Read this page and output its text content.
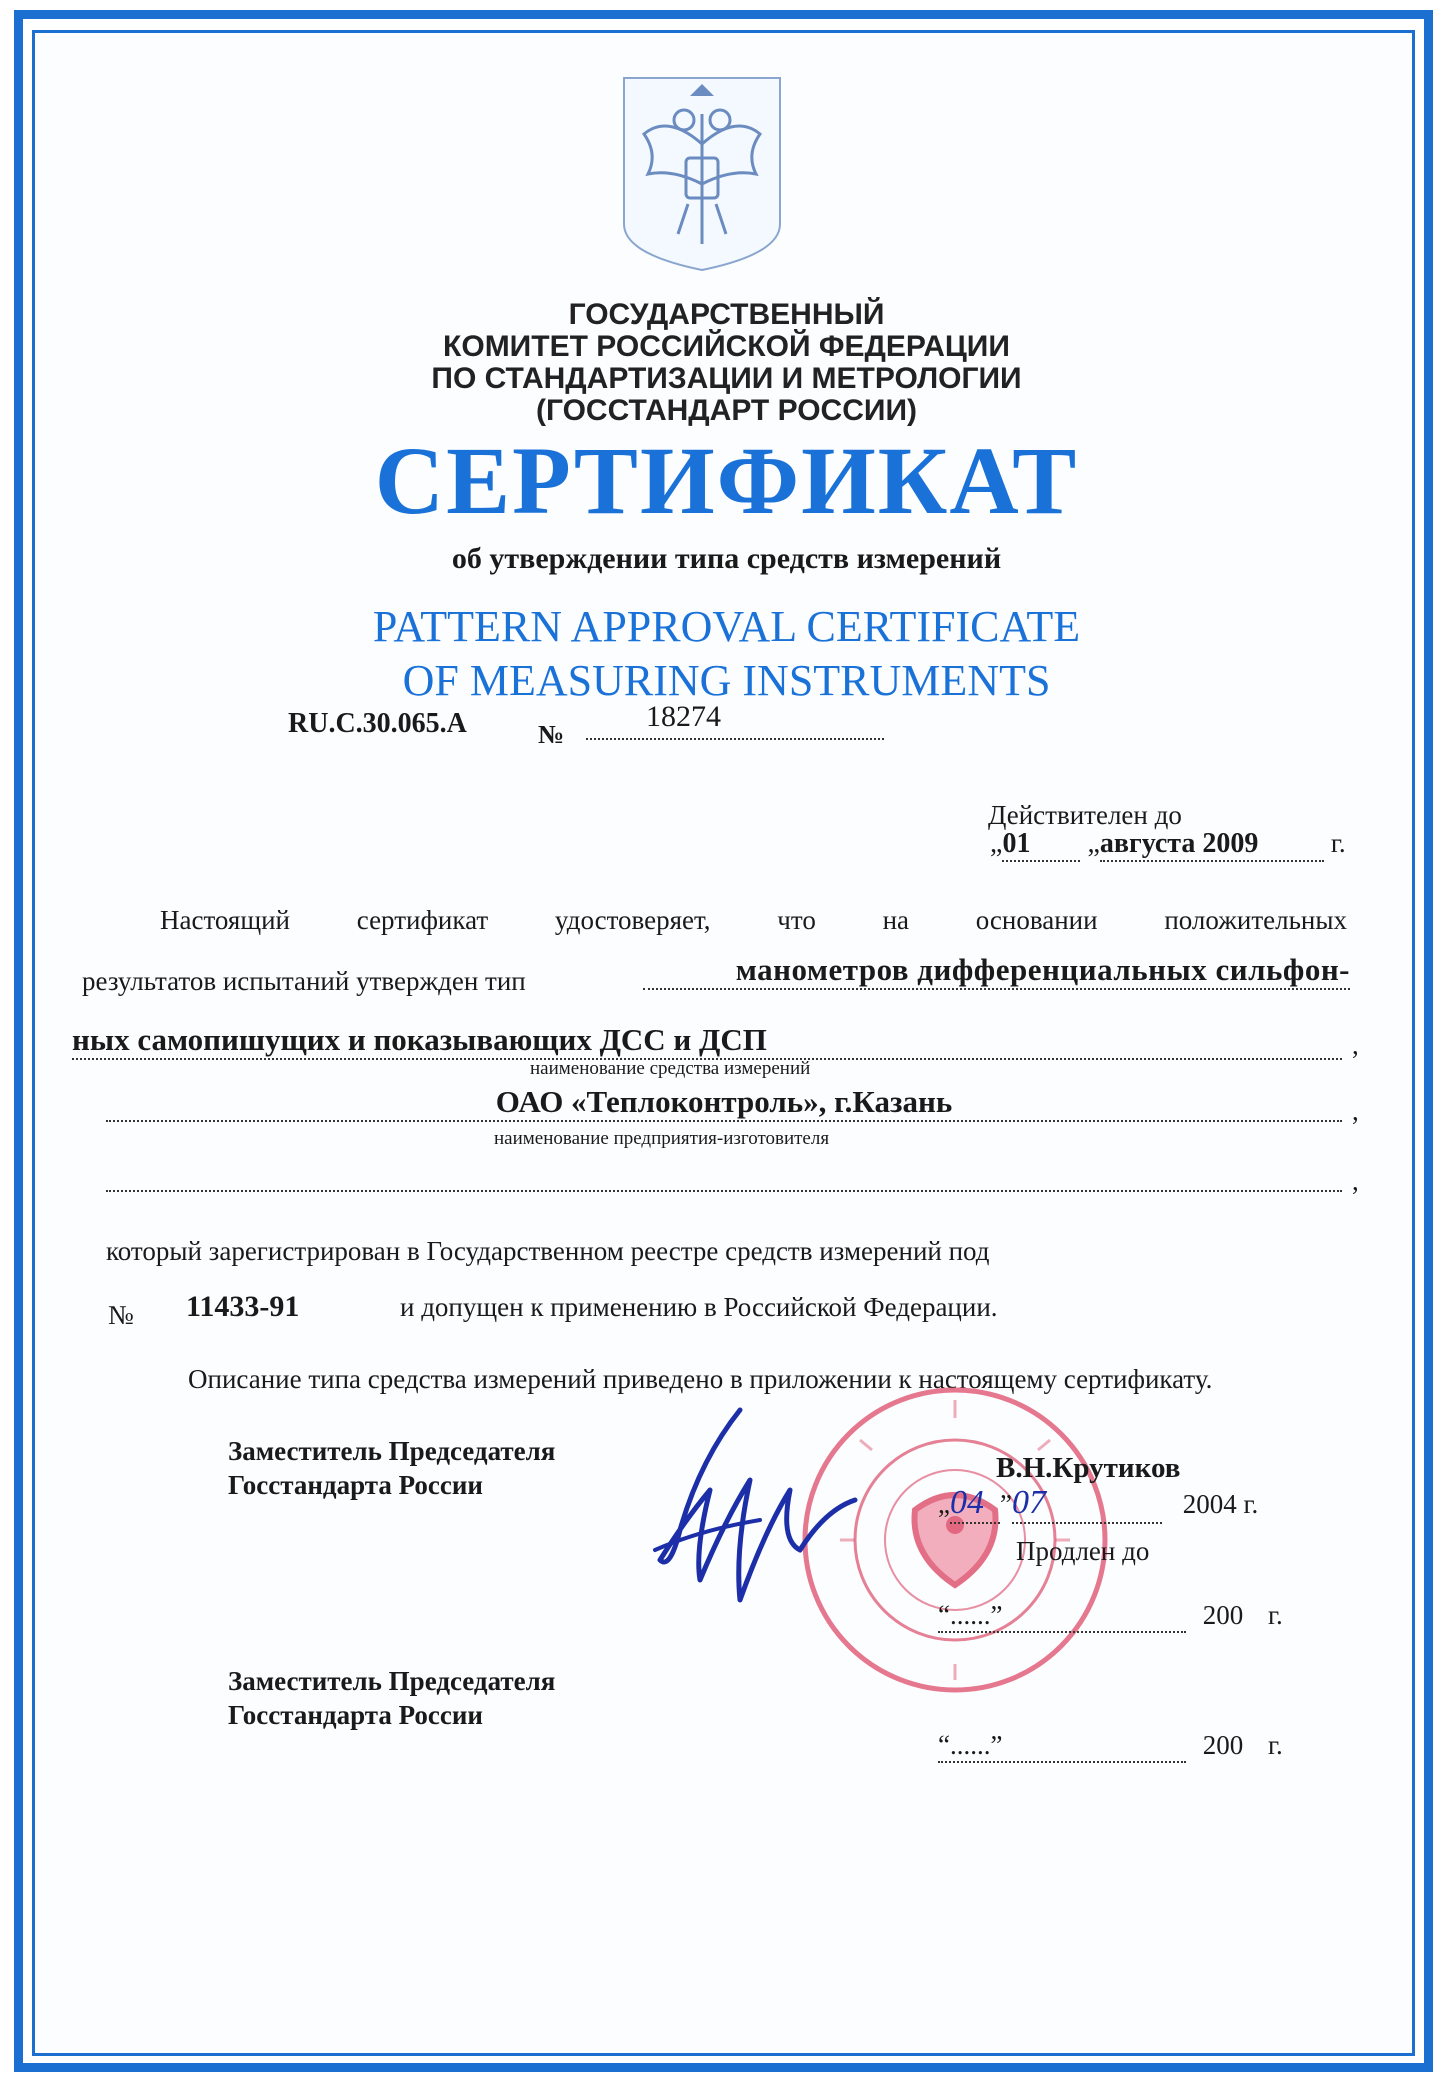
ГОСУДАРСТВЕННЫЙ
КОМИТЕТ РОССИЙСКОЙ ФЕДЕРАЦИИ
ПО СТАНДАРТИЗАЦИИ И МЕТРОЛОГИИ
(ГОССТАНДАРТ РОССИИ)
СЕРТИФИКАТ
об утверждении типа средств измерений
PATTERN APPROVAL CERTIFICATE
OF MEASURING INSTRUMENTS
RU.C.30.065.A	№
18274
Действителен до
„01 „августа 2009	г.
Настоящий сертификат удостоверяет, что на основании положительных
результатов испытаний утвержден тип	манометров дифференциальных сильфон-
ных самопишущих и показывающих ДСС и ДСП	,
наименование средства измерений
ОАО «Теплоконтроль», г.Казань	,
наименование предприятия-изготовителя
,
который зарегистрирован в Государственном реестре средств измерений под
№ 11433-91	и допущен к применению в Российской Федерации.
Описание типа средства измерений приведено в приложении к настоящему сертификату.
Заместитель Председателя
Госстандарта России
В.Н.Крутиков
„04 ”07	2004 г.
Продлен до
“......”	200 г.
Заместитель Председателя
Госстандарта России
“......”	200 г.
